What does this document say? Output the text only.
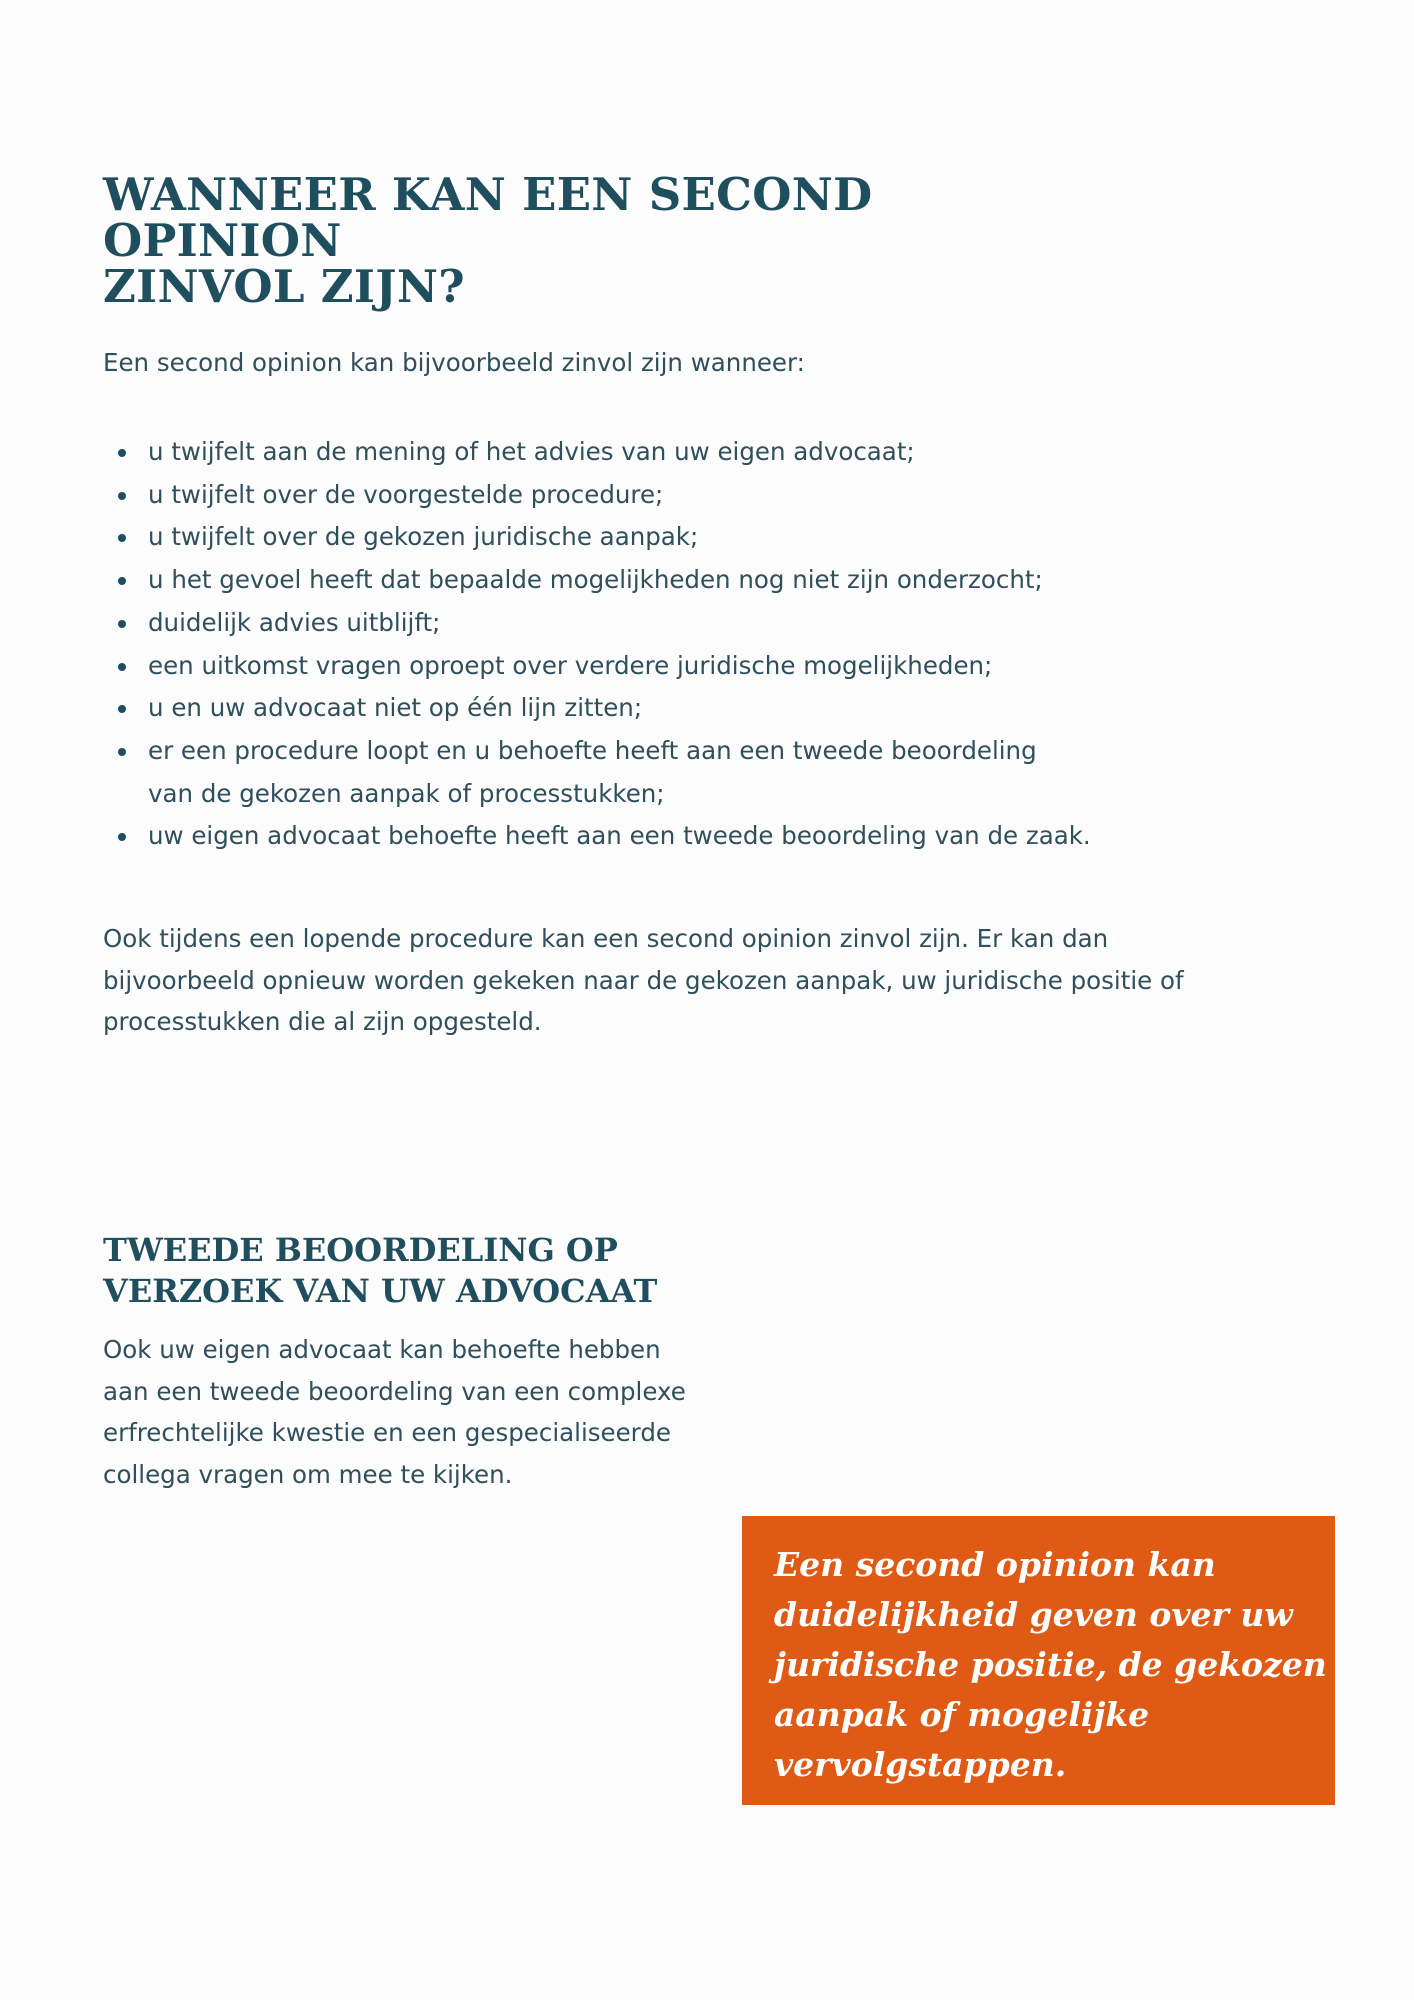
WANNEER KAN EEN SECOND OPINION
ZINVOL ZIJN?

Een second opinion kan bijvoorbeeld zinvol zijn wanneer:

u twijfelt aan de mening of het advies van uw eigen advocaat;
u twijfelt over de voorgestelde procedure;
u twijfelt over de gekozen juridische aanpak;
u het gevoel heeft dat bepaalde mogelijkheden nog niet zijn onderzocht;
duidelijk advies uitblijft;
een uitkomst vragen oproept over verdere juridische mogelijkheden;
u en uw advocaat niet op één lijn zitten;
er een procedure loopt en u behoefte heeft aan een tweede beoordeling
van de gekozen aanpak of processtukken;
uw eigen advocaat behoefte heeft aan een tweede beoordeling van de zaak.

Ook tijdens een lopende procedure kan een second opinion zinvol zijn. Er kan dan
bijvoorbeeld opnieuw worden gekeken naar de gekozen aanpak, uw juridische positie of
processtukken die al zijn opgesteld.

TWEEDE BEOORDELING OP
VERZOEK VAN UW ADVOCAAT

Ook uw eigen advocaat kan behoefte hebben
aan een tweede beoordeling van een complexe
erfrechtelijke kwestie en een gespecialiseerde
collega vragen om mee te kijken.

Een second opinion kan
duidelijkheid geven over uw
juridische positie, de gekozen
aanpak of mogelijke
vervolgstappen.
